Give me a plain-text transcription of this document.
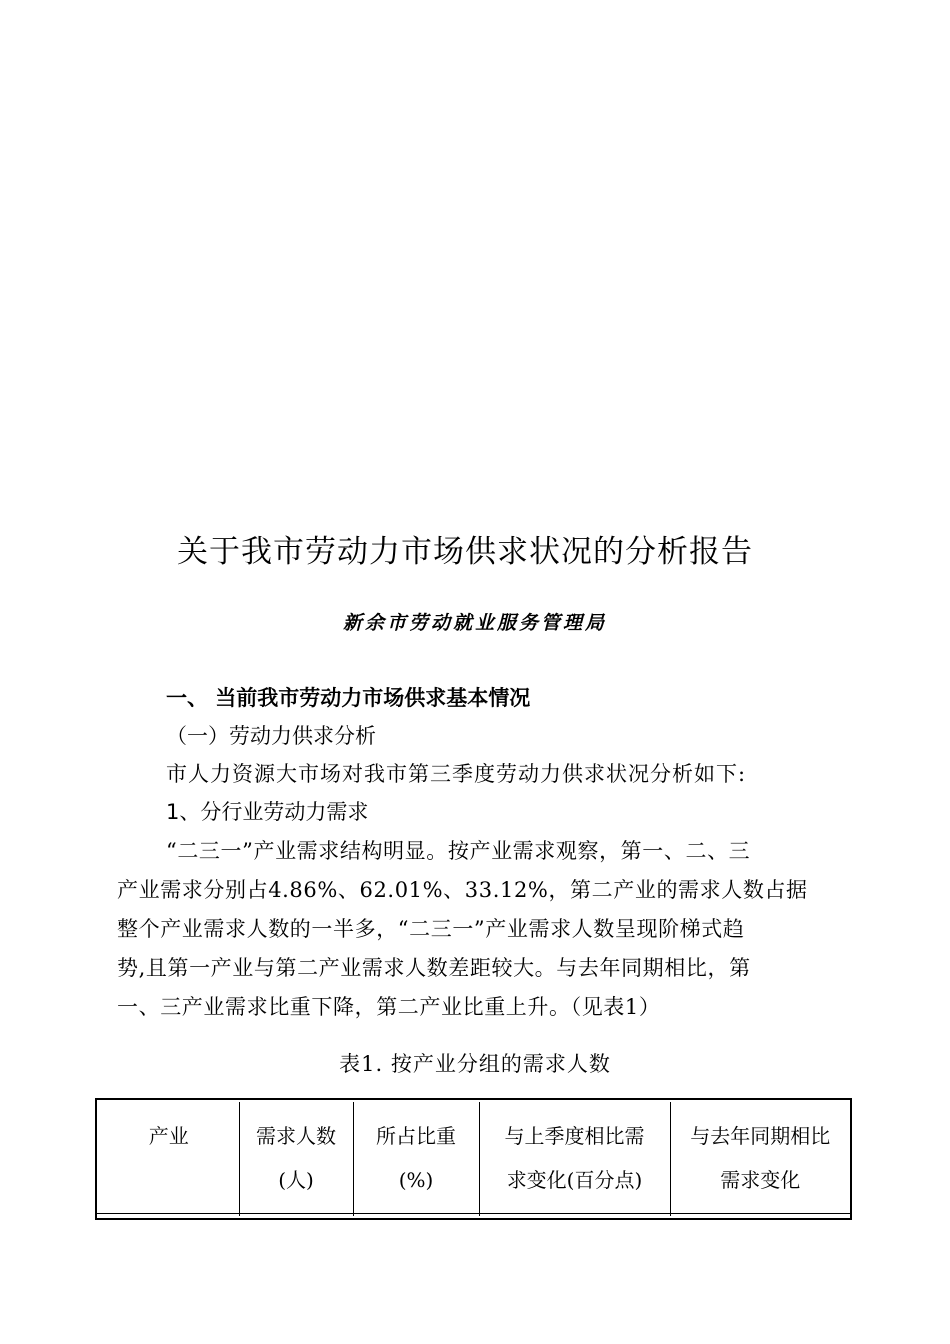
关于我市劳动力市场供求状况的分析报告
新余市劳动就业服务管理局
一、 当前我市劳动力市场供求基本情况
（一）劳动力供求分析
市人力资源大市场对我市第三季度劳动力供求状况分析如下:
1、分行业劳动力需求
“二三一”产业需求结构明显。按产业需求观察，第一、二、三
产业需求分别占4.86%、62.01%、33.12%，第二产业的需求人数占据
整个产业需求人数的一半多，“二三一”产业需求人数呈现阶梯式趋
势,且第一产业与第二产业需求人数差距较大。与去年同期相比，第
一、三产业需求比重下降，第二产业比重上升。（见表1）
表1. 按产业分组的需求人数
产业	需求人数
(人)
	所占比重
(%)
	与上季度相比需
求变化(百分点)
	与去年同期相比
需求变化
